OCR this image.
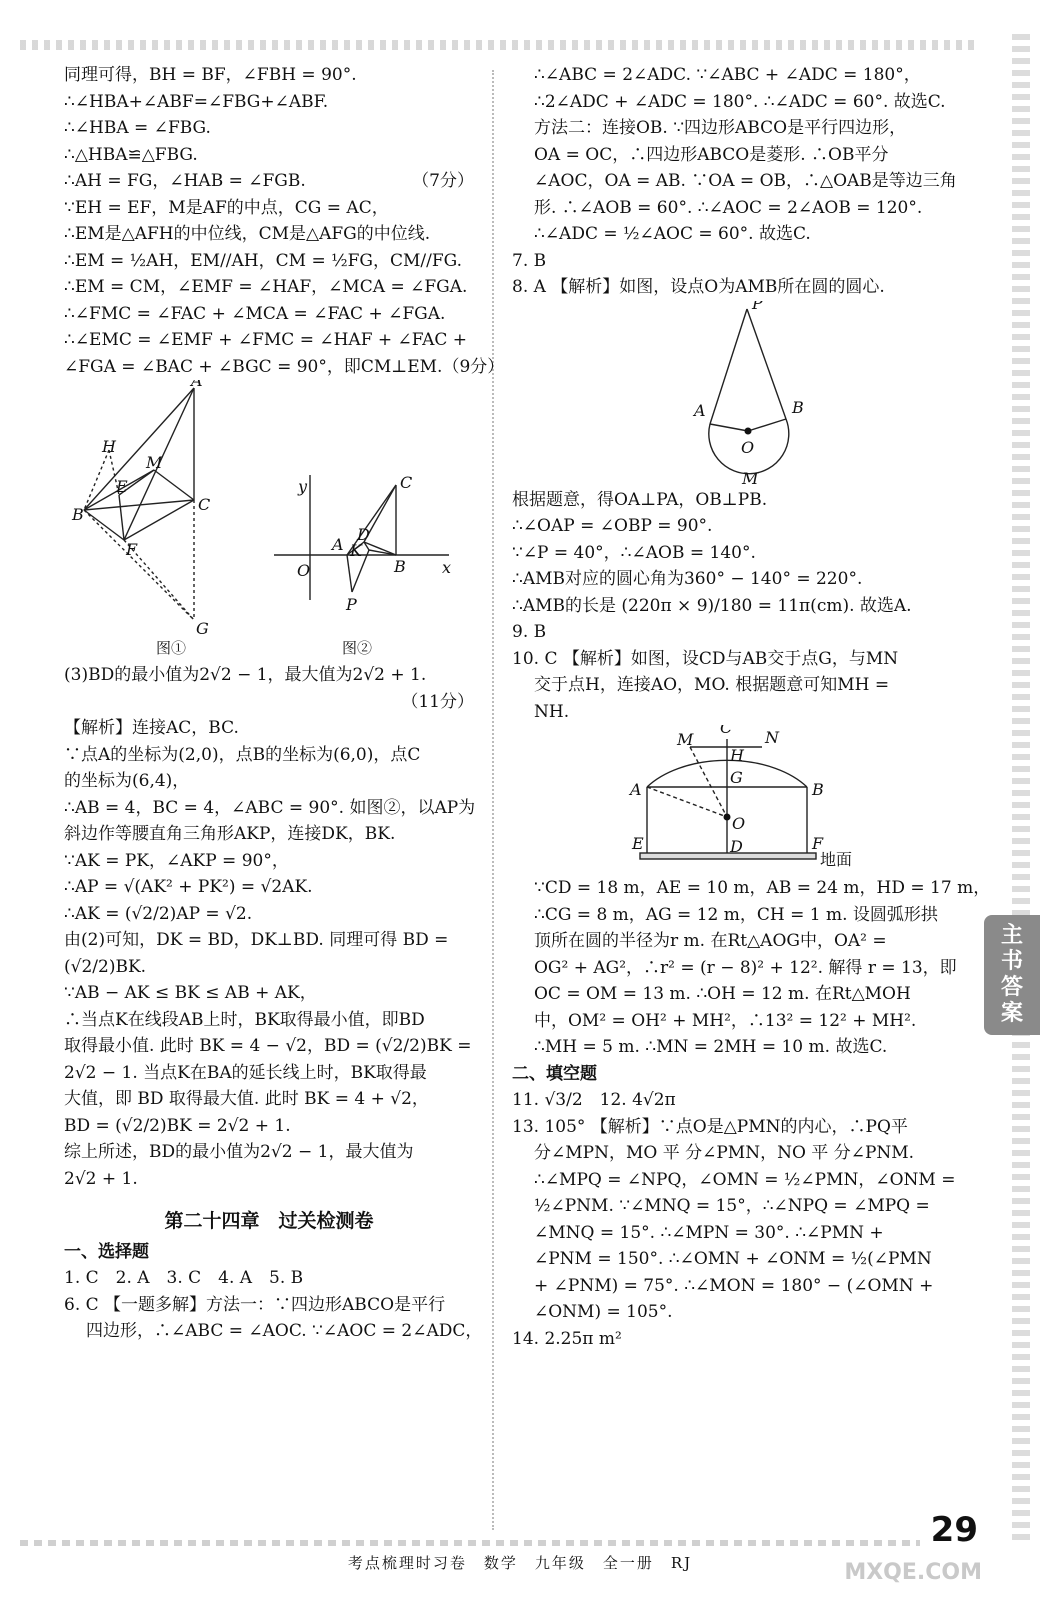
同理可得，BH = BF，∠FBH = 90°.
∴∠HBA+∠ABF=∠FBG+∠ABF.
∴∠HBA = ∠FBG.
∴△HBA≌△FBG.
∴AH = FG，∠HAB = ∠FGB.	（7分）
∵EH = EF，M是AF的中点，CG = AC，
∴EM是△AFH的中位线，CM是△AFG的中位线.
∴EM = ½AH，EM//AH，CM = ½FG，CM//FG.
∴EM = CM，∠EMF = ∠HAF，∠MCA = ∠FGA.
∴∠FMC = ∠FAC + ∠MCA = ∠FAC + ∠FGA.
∴∠EMC = ∠EMF + ∠FMC = ∠HAF + ∠FAC +
∠FGA = ∠BAC + ∠BGC = 90°，即CM⊥EM.（9分）
A
H
M
E
B
C
F
G
y
x
O
A
D
K
B
C
P
图①	图②
(3)BD的最小值为2√2 − 1，最大值为2√2 + 1.
（11分）
【解析】连接AC，BC.
∵点A的坐标为(2,0)，点B的坐标为(6,0)，点C
的坐标为(6,4)，
∴AB = 4，BC = 4，∠ABC = 90°. 如图②，以AP为
斜边作等腰直角三角形AKP，连接DK，BK.
∵AK = PK，∠AKP = 90°，
∴AP = √(AK² + PK²) = √2AK.
∴AK = (√2/2)AP = √2.
由(2)可知，DK = BD，DK⊥BD. 同理可得 BD =
(√2/2)BK.
∵AB − AK ≤ BK ≤ AB + AK，
∴当点K在线段AB上时，BK取得最小值，即BD
取得最小值. 此时 BK = 4 − √2，BD = (√2/2)BK =
2√2 − 1. 当点K在BA的延长线上时，BK取得最
大值，即 BD 取得最大值. 此时 BK = 4 + √2，
BD = (√2/2)BK = 2√2 + 1.
综上所述，BD的最小值为2√2 − 1，最大值为
2√2 + 1.
第二十四章　过关检测卷
一、选择题
1. C　2. A　3. C　4. A　5. B
6. C 【一题多解】方法一：∵四边形ABCO是平行
四边形，∴∠ABC = ∠AOC. ∵∠AOC = 2∠ADC，
∴∠ABC = 2∠ADC. ∵∠ABC + ∠ADC = 180°，
∴2∠ADC + ∠ADC = 180°. ∴∠ADC = 60°. 故选C.
方法二：连接OB. ∵四边形ABCO是平行四边形，
OA = OC，∴四边形ABCO是菱形. ∴OB平分
∠AOC，OA = AB. ∵OA = OB，∴△OAB是等边三角
形. ∴∠AOB = 60°. ∴∠AOC = 2∠AOB = 120°.
∴∠ADC = ½∠AOC = 60°. 故选C.
7. B
8. A 【解析】如图，设点O为AMB所在圆的圆心.
P
A	B
O
M
根据题意，得OA⊥PA，OB⊥PB.
∴∠OAP = ∠OBP = 90°.
∵∠P = 40°，∴∠AOB = 140°.
∴AMB对应的圆心角为360° − 140° = 220°.
∴AMB的长是 (220π × 9)/180 = 11π(cm). 故选A.
9. B
10. C 【解析】如图，设CD与AB交于点G，与MN
交于点H，连接AO，MO. 根据题意可知MH =
NH.
M
C
N
H
G
A	B
O
E	D	F
地面
∵CD = 18 m，AE = 10 m，AB = 24 m，HD = 17 m，
∴CG = 8 m，AG = 12 m，CH = 1 m. 设圆弧形拱
顶所在圆的半径为r m. 在Rt△AOG中，OA² =
OG² + AG²，∴r² = (r − 8)² + 12². 解得 r = 13，即
OC = OM = 13 m. ∴OH = 12 m. 在Rt△MOH
中，OM² = OH² + MH²，∴13² = 12² + MH².
∴MH = 5 m. ∴MN = 2MH = 10 m. 故选C.
二、填空题
11. √3/2　12. 4√2π
13. 105° 【解析】∵点O是△PMN的内心，∴PQ平
分∠MPN，MO 平 分∠PMN，NO 平 分∠PNM.
∴∠MPQ = ∠NPQ，∠OMN = ½∠PMN，∠ONM =
½∠PNM. ∵∠MNQ = 15°，∴∠NPQ = ∠MPQ =
∠MNQ = 15°. ∴∠MPN = 30°. ∴∠PMN +
∠PNM = 150°. ∴∠OMN + ∠ONM = ½(∠PMN
+ ∠PNM) = 75°. ∴∠MON = 180° − (∠OMN +
∠ONM) = 105°.
14. 2.25π m²
主
书
答
案
29
考点梳理时习卷　数学　九年级　全一册　RJ	MXQE.COM
